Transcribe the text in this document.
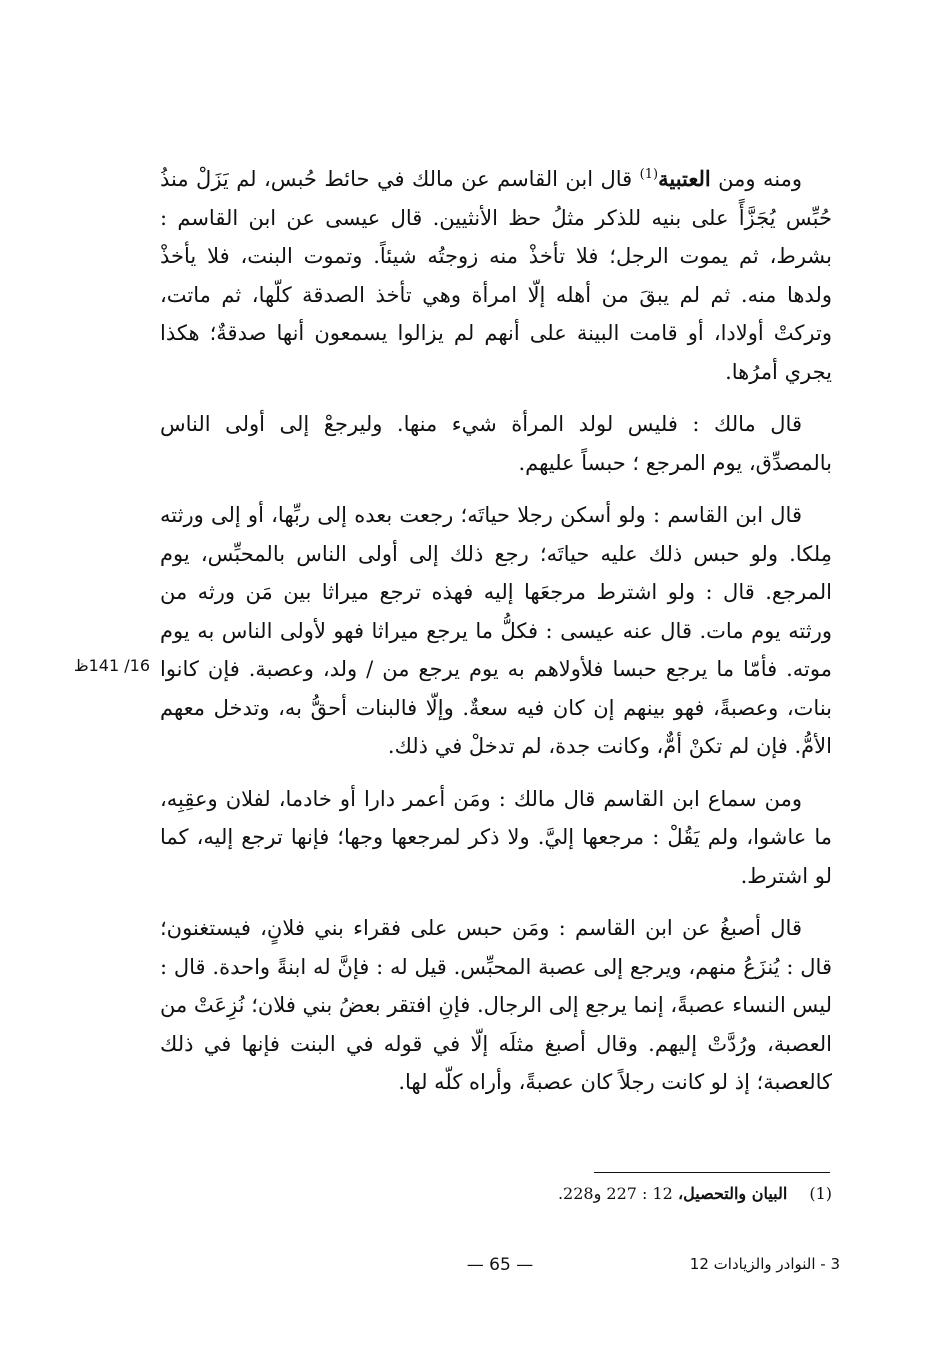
ومنه ومن العتبية$^{(1)}$ قال ابن القاسم عن مالك في حائط حُبس، لم يَزَلْ منذُ حُبِّس يُجَزَّأً على بنيه للذكر مثلُ حظ الأنثيين. قال عيسى عن ابن القاسم : بشرط، ثم يموت الرجل؛ فلا تأخذْ منه زوجتُه شيئاً. وتموت البنت، فلا يأخذْ ولدها منه. ثم لم يبقَ من أهله إلّا امرأة وهي تأخذ الصدقة كلّها، ثم ماتت، وتركتْ أولادا، أو قامت البينة على أنهم لم يزالوا يسمعون أنها صدقةٌ؛ هكذا يجري أمرُها.

قال مالك : فليس لولد المرأة شيء منها. وليرجعْ إلى أولى الناس بالمصدِّق، يوم المرجع ؛ حبساً عليهم.

قال ابن القاسم : ولو أسكن رجلا حياتَه؛ رجعت بعده إلى ربِّها، أو إلى ورثته مِلكا. ولو حبس ذلك عليه حياتَه؛ رجع ذلك إلى أولى الناس بالمحبِّس، يوم المرجع. قال : ولو اشترط مرجعَها إليه فهذه ترجع ميراثا بين مَن ورثه من ورثته يوم مات. قال عنه عيسى : فكلُّ ما يرجع ميراثا فهو لأولى الناس به يوم موته. فأمّا ما يرجع حبسا فلأولاهم به يوم يرجع من / ولد، وعصبة. فإن كانوا بنات، وعصبةً، فهو بينهم إن كان فيه سعةٌ. وإلّا فالبنات أحقُّ به، وتدخل معهم الأمُّ. فإن لم تكنْ أمٌّ، وكانت جدة، لم تدخلْ في ذلك.

ومن سماع ابن القاسم قال مالك : ومَن أعمر دارا أو خادما، لفلان وعقِبِه، ما عاشوا، ولم يَقُلْ : مرجعها إليَّ. ولا ذكر لمرجعها وجها؛ فإنها ترجع إليه، كما لو اشترط.

قال أصبغُ عن ابن القاسم : ومَن حبس على فقراء بني فلانٍ، فيستغنون؛ قال : يُنزَعُ منهم، ويرجع إلى عصبة المحبِّس. قيل له : فإنَّ له ابنةً واحدة. قال : ليس النساء عصبةً، إنما يرجع إلى الرجال. فإنِ افتقر بعضُ بني فلان؛ نُزِعَتْ من العصبة، ورُدَّتْ إليهم. وقال أصبغ مثلَه إلّا في قوله في البنت فإنها في ذلك كالعصبة؛ إذ لو كانت رجلاً كان عصبةً، وأراه كلّه لها.

16/ 141ظ
(1)البيان والتحصيل، 12 : 227 و228.
— 65 —	3 - النوادر والزيادات 12
